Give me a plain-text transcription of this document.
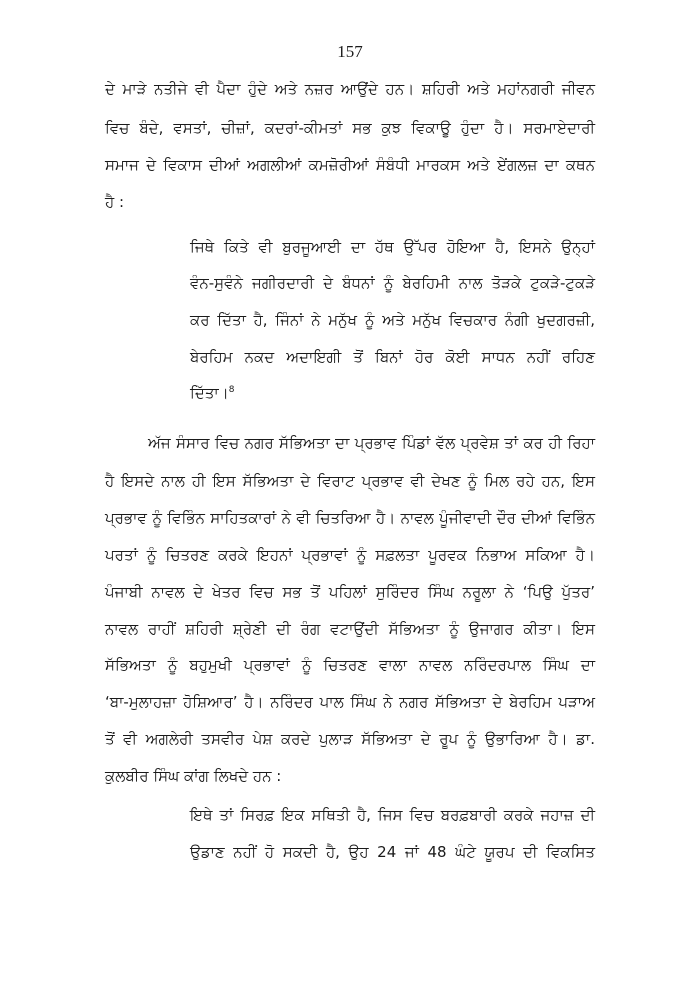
157
ਦੇ ਮਾੜੇ ਨਤੀਜੇ ਵੀ ਪੈਦਾ ਹੁੰਦੇ ਅਤੇ ਨਜ਼ਰ ਆਉਂਦੇ ਹਨ। ਸ਼ਹਿਰੀ ਅਤੇ ਮਹਾਂਨਗਰੀ ਜੀਵਨ
ਵਿਚ ਬੰਦੇ, ਵਸਤਾਂ, ਚੀਜ਼ਾਂ, ਕਦਰਾਂ-ਕੀਮਤਾਂ ਸਭ ਕੁਝ ਵਿਕਾਊ ਹੁੰਦਾ ਹੈ। ਸਰਮਾਏਦਾਰੀ
ਸਮਾਜ ਦੇ ਵਿਕਾਸ ਦੀਆਂ ਅਗਲੀਆਂ ਕਮਜ਼ੋਰੀਆਂ ਸੰਬੰਧੀ ਮਾਰਕਸ ਅਤੇ ਏਂਗਲਜ਼ ਦਾ ਕਥਨ
ਹੈ :
ਜਿਥੇ ਕਿਤੇ ਵੀ ਬੁਰਜੂਆਈ ਦਾ ਹੱਥ ਉੱਪਰ ਹੋਇਆ ਹੈ, ਇਸਨੇ ਉਨ੍ਹਾਂ
ਵੰਨ-ਸੁਵੰਨੇ ਜਗੀਰਦਾਰੀ ਦੇ ਬੰਧਨਾਂ ਨੂੰ ਬੇਰਹਿਮੀ ਨਾਲ ਤੋੜਕੇ ਟੁਕੜੇ-ਟੁਕੜੇ
ਕਰ ਦਿੱਤਾ ਹੈ, ਜਿੰਨਾਂ ਨੇ ਮਨੁੱਖ ਨੂੰ ਅਤੇ ਮਨੁੱਖ ਵਿਚਕਾਰ ਨੰਗੀ ਖੁਦਗਰਜ਼ੀ,
ਬੇਰਹਿਮ ਨਕਦ ਅਦਾਇਗੀ ਤੋਂ ਬਿਨਾਂ ਹੋਰ ਕੋਈ ਸਾਧਨ ਨਹੀਂ ਰਹਿਣ
ਦਿੱਤਾ।$^8$
ਅੱਜ ਸੰਸਾਰ ਵਿਚ ਨਗਰ ਸੱਭਿਅਤਾ ਦਾ ਪ੍ਰਭਾਵ ਪਿੰਡਾਂ ਵੱਲ ਪ੍ਰਵੇਸ਼ ਤਾਂ ਕਰ ਹੀ ਰਿਹਾ
ਹੈ ਇਸਦੇ ਨਾਲ ਹੀ ਇਸ ਸੱਭਿਅਤਾ ਦੇ ਵਿਰਾਟ ਪ੍ਰਭਾਵ ਵੀ ਦੇਖਣ ਨੂੰ ਮਿਲ ਰਹੇ ਹਨ, ਇਸ
ਪ੍ਰਭਾਵ ਨੂੰ ਵਿਭਿੰਨ ਸਾਹਿਤਕਾਰਾਂ ਨੇ ਵੀ ਚਿਤਰਿਆ ਹੈ। ਨਾਵਲ ਪੂੰਜੀਵਾਦੀ ਦੌਰ ਦੀਆਂ ਵਿਭਿੰਨ
ਪਰਤਾਂ ਨੂੰ ਚਿਤਰਣ ਕਰਕੇ ਇਹਨਾਂ ਪ੍ਰਭਾਵਾਂ ਨੂੰ ਸਫ਼ਲਤਾ ਪੂਰਵਕ ਨਿਭਾਅ ਸਕਿਆ ਹੈ।
ਪੰਜਾਬੀ ਨਾਵਲ ਦੇ ਖੇਤਰ ਵਿਚ ਸਭ ਤੋਂ ਪਹਿਲਾਂ ਸੁਰਿੰਦਰ ਸਿੰਘ ਨਰੂਲਾ ਨੇ ‘ਪਿਉ ਪੁੱਤਰ’
ਨਾਵਲ ਰਾਹੀਂ ਸ਼ਹਿਰੀ ਸ਼੍ਰੇਣੀ ਦੀ ਰੰਗ ਵਟਾਉਂਦੀ ਸੱਭਿਅਤਾ ਨੂੰ ਉਜਾਗਰ ਕੀਤਾ। ਇਸ
ਸੱਭਿਅਤਾ ਨੂੰ ਬਹੁਮੁਖੀ ਪ੍ਰਭਾਵਾਂ ਨੂੰ ਚਿਤਰਣ ਵਾਲਾ ਨਾਵਲ ਨਰਿੰਦਰਪਾਲ ਸਿੰਘ ਦਾ
‘ਬਾ-ਮੁਲਾਹਜ਼ਾ ਹੋਸ਼ਿਆਰ’ ਹੈ। ਨਰਿੰਦਰ ਪਾਲ ਸਿੰਘ ਨੇ ਨਗਰ ਸੱਭਿਅਤਾ ਦੇ ਬੇਰਹਿਮ ਪੜਾਅ
ਤੋਂ ਵੀ ਅਗਲੇਰੀ ਤਸਵੀਰ ਪੇਸ਼ ਕਰਦੇ ਪੁਲਾੜ ਸੱਭਿਅਤਾ ਦੇ ਰੂਪ ਨੂੰ ਉਭਾਰਿਆ ਹੈ। ਡਾ.
ਕੁਲਬੀਰ ਸਿੰਘ ਕਾਂਗ ਲਿਖਦੇ ਹਨ :
ਇਥੇ ਤਾਂ ਸਿਰਫ਼ ਇਕ ਸਥਿਤੀ ਹੈ, ਜਿਸ ਵਿਚ ਬਰਫ਼ਬਾਰੀ ਕਰਕੇ ਜਹਾਜ਼ ਦੀ
ਉਡਾਣ ਨਹੀਂ ਹੋ ਸਕਦੀ ਹੈ, ਉਹ 24 ਜਾਂ 48 ਘੰਟੇ ਯੂਰਪ ਦੀ ਵਿਕਸਿਤ
